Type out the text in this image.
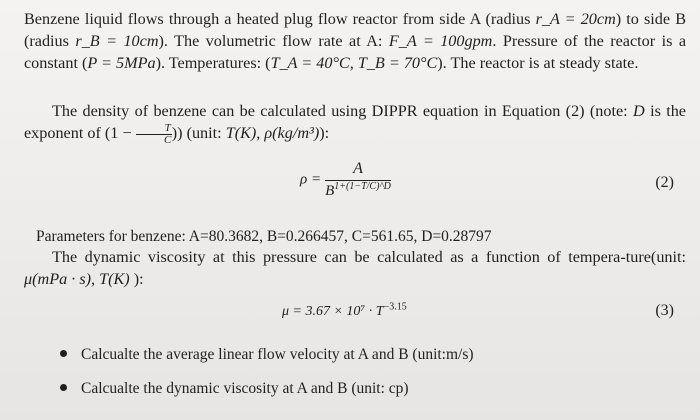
Benzene liquid flows through a heated plug flow reactor from side A (radius r_A = 20cm) to side B (radius r_B = 10cm). The volumetric flow rate at A: F_A = 100gpm. Pressure of the reactor is a constant (P = 5MPa). Temperatures: (T_A = 40°C, T_B = 70°C). The reactor is at steady state.

The density of benzene can be calculated using DIPPR equation in Equation (2) (note: D is the exponent of ($1 - \frac{T}{C}$ )) (unit: T(K), ρ(kg/m³)):

$\rho = \frac{A}{B^{1+(1-T/C)\^{}D}}$	(2)

Parameters for benzene: A=80.3682, B=0.266457, C=561.65, D=0.28797

The dynamic viscosity at this pressure can be calculated as a function of tempera-ture(unit: μ(mPa · s), T(K) ):

$\mu = 3.67 \times 10^7 \cdot T^{-3.15}$	(3)
Calcualte the average linear flow velocity at A and B (unit:m/s)
Calcualte the dynamic viscosity at A and B (unit: cp)
